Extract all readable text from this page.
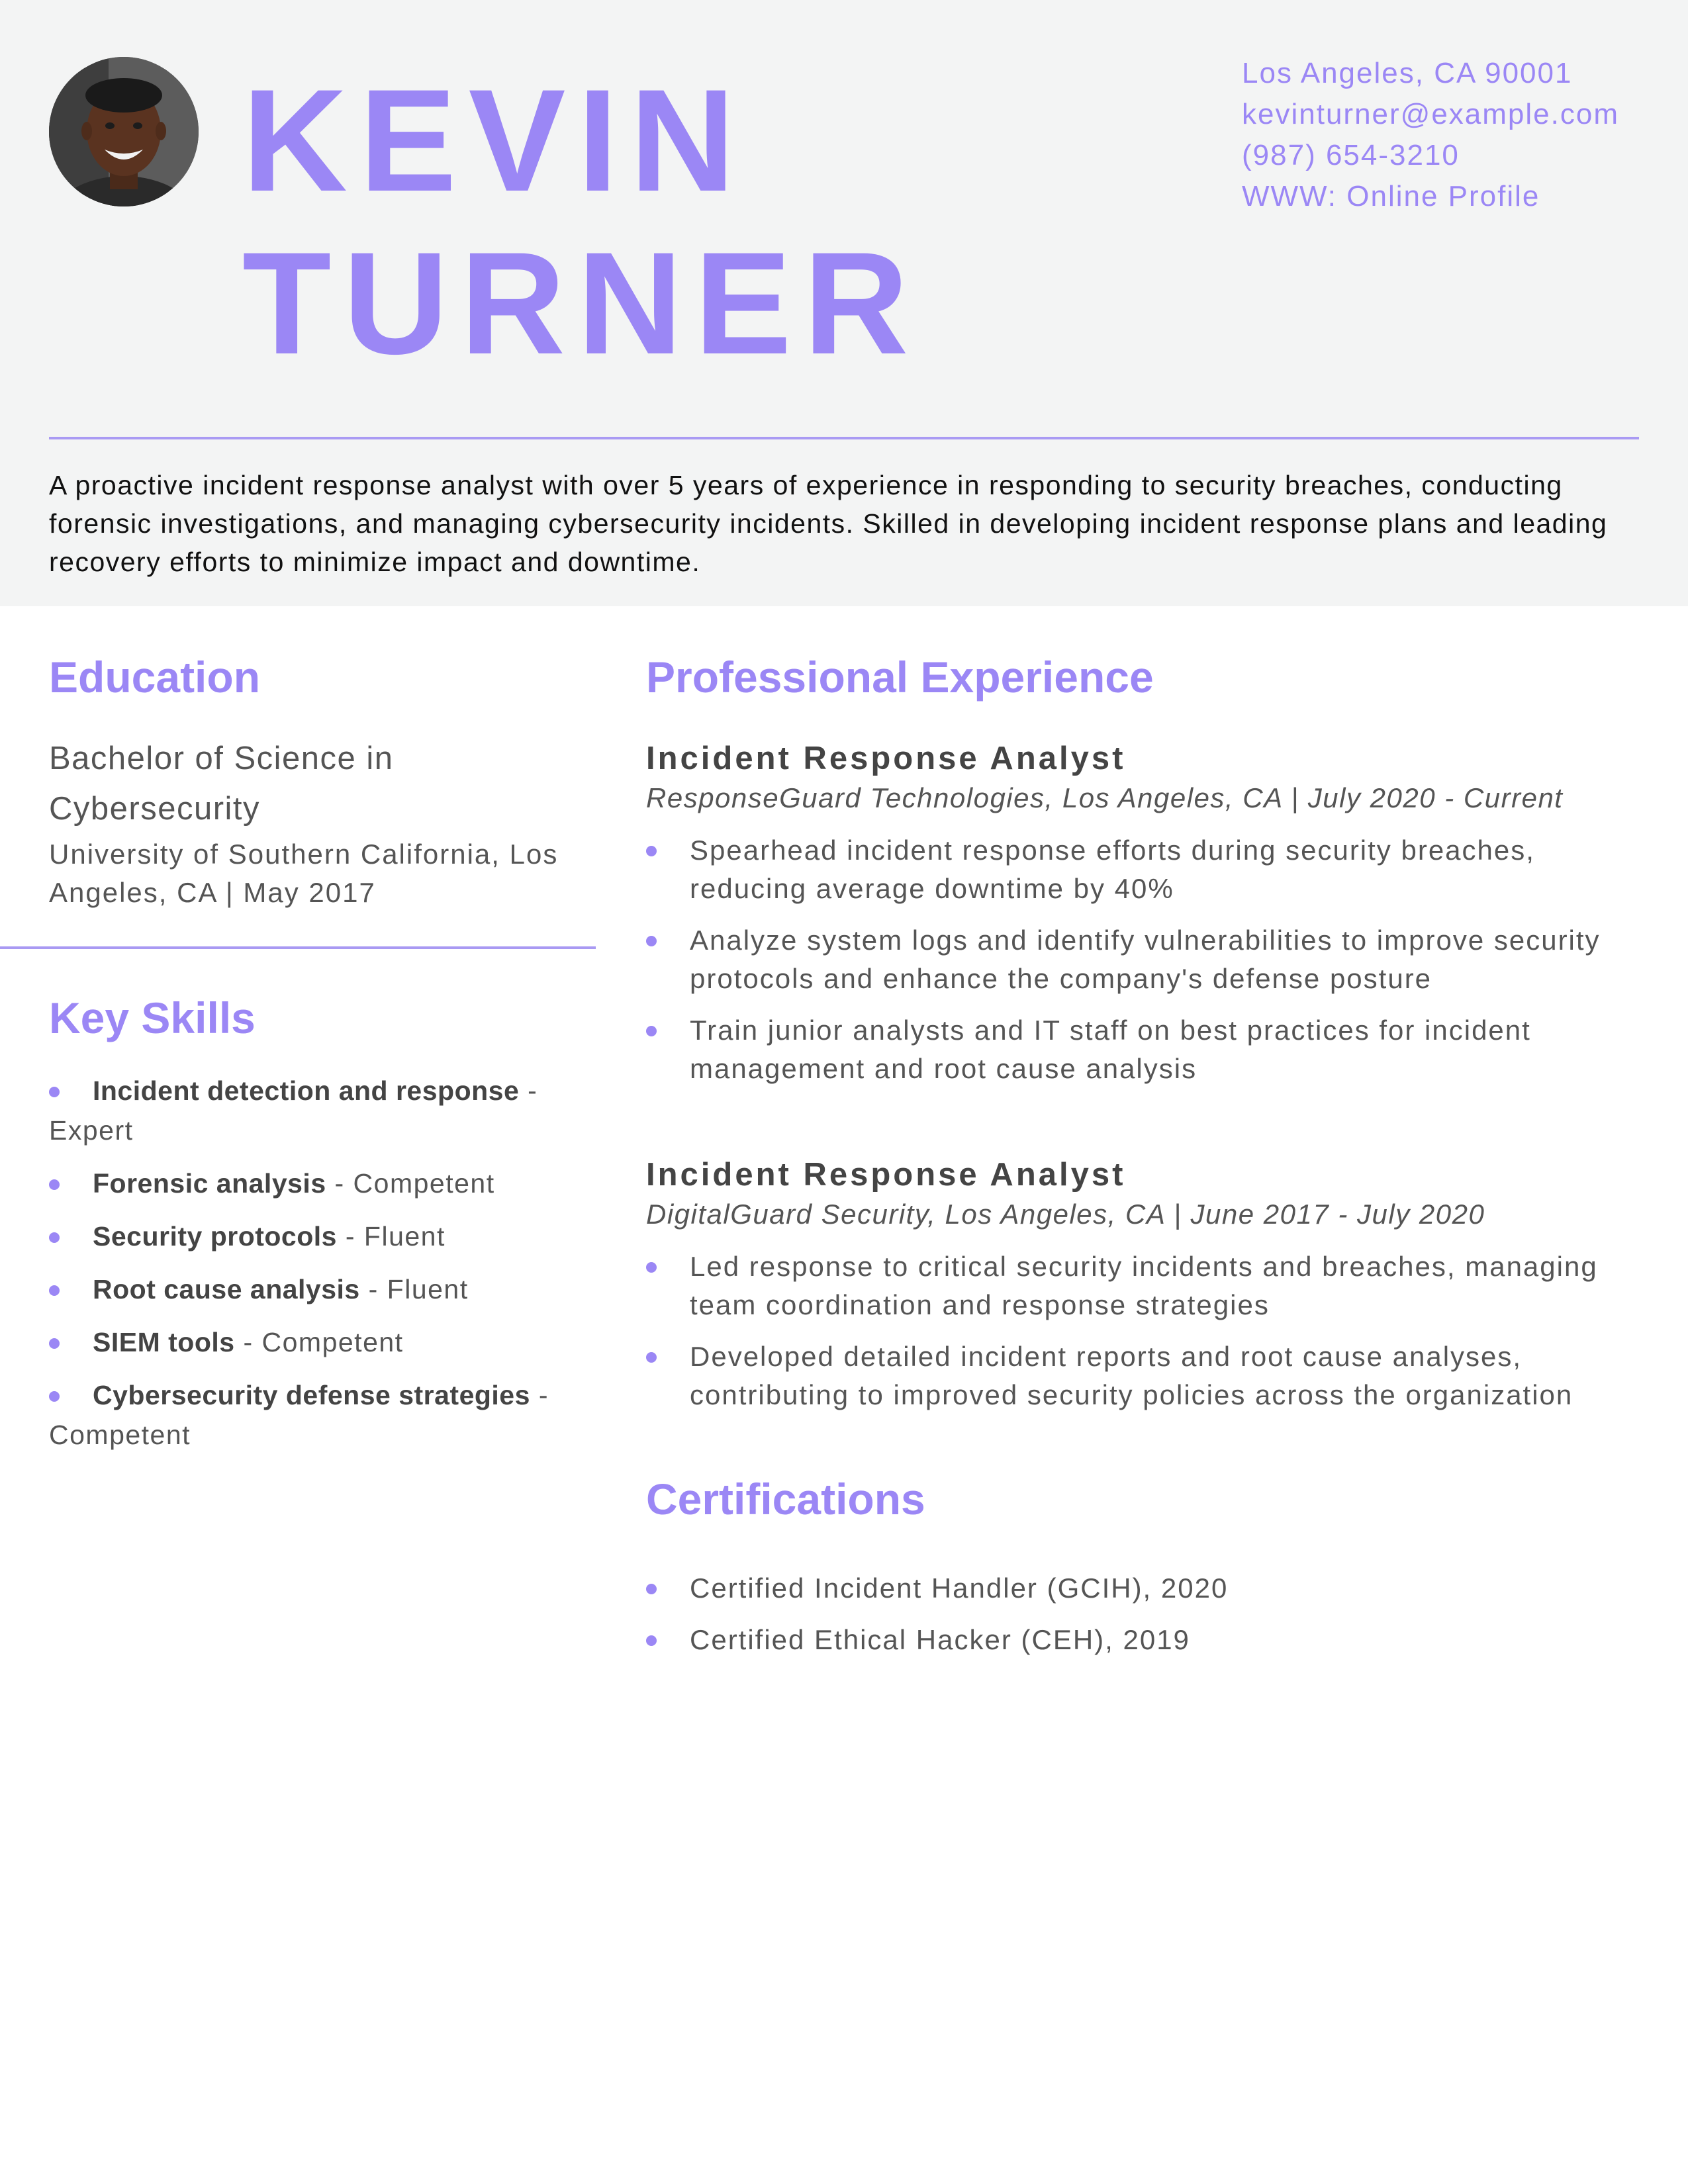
KEVIN
TURNER
Los Angeles, CA 90001
kevinturner@example.com
(987) 654-3210
WWW: Online Profile

A proactive incident response analyst with over 5 years of experience in responding to security breaches, conducting forensic investigations, and managing cybersecurity incidents. Skilled in developing incident response plans and leading recovery efforts to minimize impact and downtime.

Education
Bachelor of Science in Cybersecurity
University of Southern California, Los Angeles, CA | May 2017
Key Skills
Incident detection and response - Expert
Forensic analysis - Competent
Security protocols - Fluent
Root cause analysis - Fluent
SIEM tools - Competent
Cybersecurity defense strategies - Competent
Professional Experience
Incident Response Analyst
ResponseGuard Technologies, Los Angeles, CA | July 2020 - Current
Spearhead incident response efforts during security breaches, reducing average downtime by 40%
Analyze system logs and identify vulnerabilities to improve security protocols and enhance the company's defense posture
Train junior analysts and IT staff on best practices for incident management and root cause analysis
Incident Response Analyst
DigitalGuard Security, Los Angeles, CA | June 2017 - July 2020
Led response to critical security incidents and breaches, managing team coordination and response strategies
Developed detailed incident reports and root cause analyses, contributing to improved security policies across the organization
Certifications
Certified Incident Handler (GCIH), 2020
Certified Ethical Hacker (CEH), 2019
